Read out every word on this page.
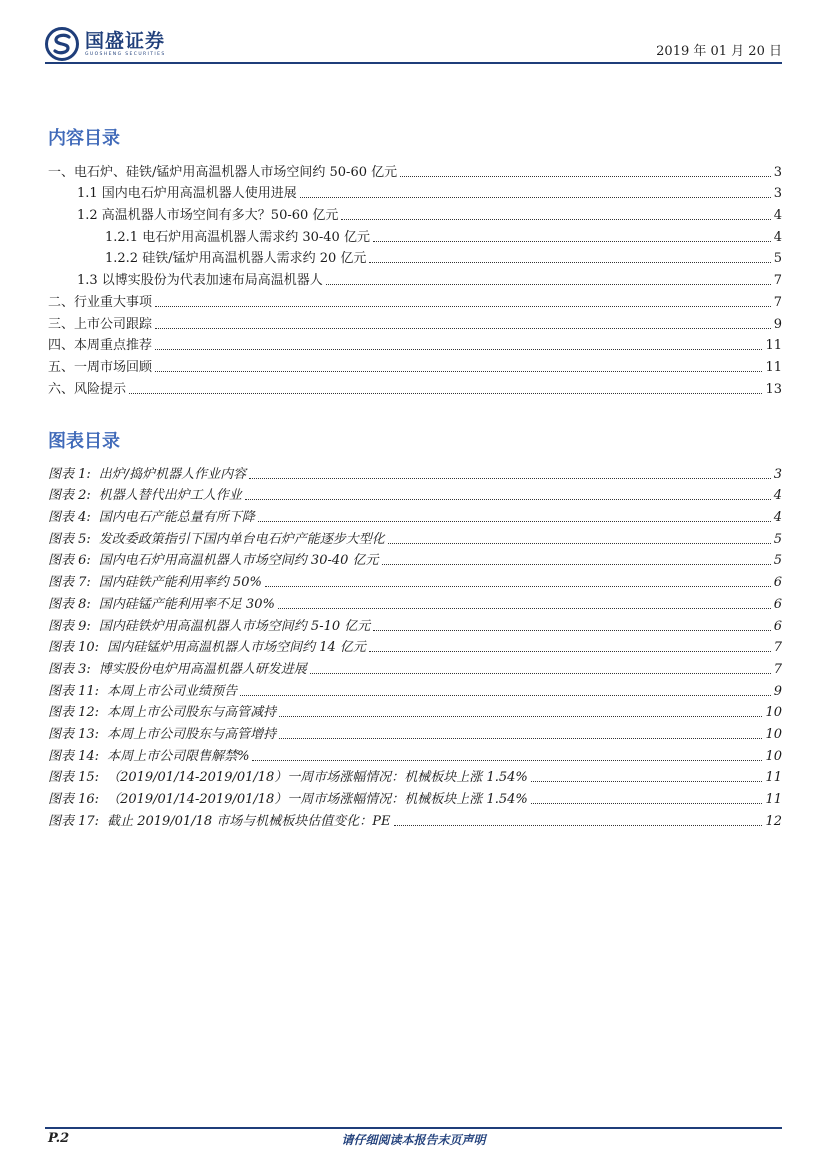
国盛证券
GUOSHENG SECURITIES	2019 年 01 月 20 日
内容目录
一、电石炉、硅铁/锰炉用高温机器人市场空间约 50-60 亿元	3
1.1 国内电石炉用高温机器人使用进展	3
1.2 高温机器人市场空间有多大？50-60 亿元	4
1.2.1 电石炉用高温机器人需求约 30-40 亿元	4
1.2.2 硅铁/锰炉用高温机器人需求约 20 亿元	5
1.3 以博实股份为代表加速布局高温机器人	7
二、行业重大事项	7
三、上市公司跟踪	9
四、本周重点推荐	11
五、一周市场回顾	11
六、风险提示	13
图表目录
图表 1: 出炉/捣炉机器人作业内容	3
图表 2: 机器人替代出炉工人作业	4
图表 4: 国内电石产能总量有所下降	4
图表 5: 发改委政策指引下国内单台电石炉产能逐步大型化	5
图表 6: 国内电石炉用高温机器人市场空间约 30-40 亿元	5
图表 7: 国内硅铁产能利用率约 50%	6
图表 8: 国内硅锰产能利用率不足 30%	6
图表 9: 国内硅铁炉用高温机器人市场空间约 5-10 亿元	6
图表 10: 国内硅锰炉用高温机器人市场空间约 14 亿元	7
图表 3: 博实股份电炉用高温机器人研发进展	7
图表 11: 本周上市公司业绩预告	9
图表 12: 本周上市公司股东与高管减持	10
图表 13: 本周上市公司股东与高管增持	10
图表 14: 本周上市公司限售解禁%	10
图表 15: （2019/01/14-2019/01/18）一周市场涨幅情况：机械板块上涨 1.54%	11
图表 16: （2019/01/14-2019/01/18）一周市场涨幅情况：机械板块上涨 1.54%	11
图表 17: 截止 2019/01/18 市场与机械板块估值变化：PE	12
P.2	请仔细阅读本报告末页声明
